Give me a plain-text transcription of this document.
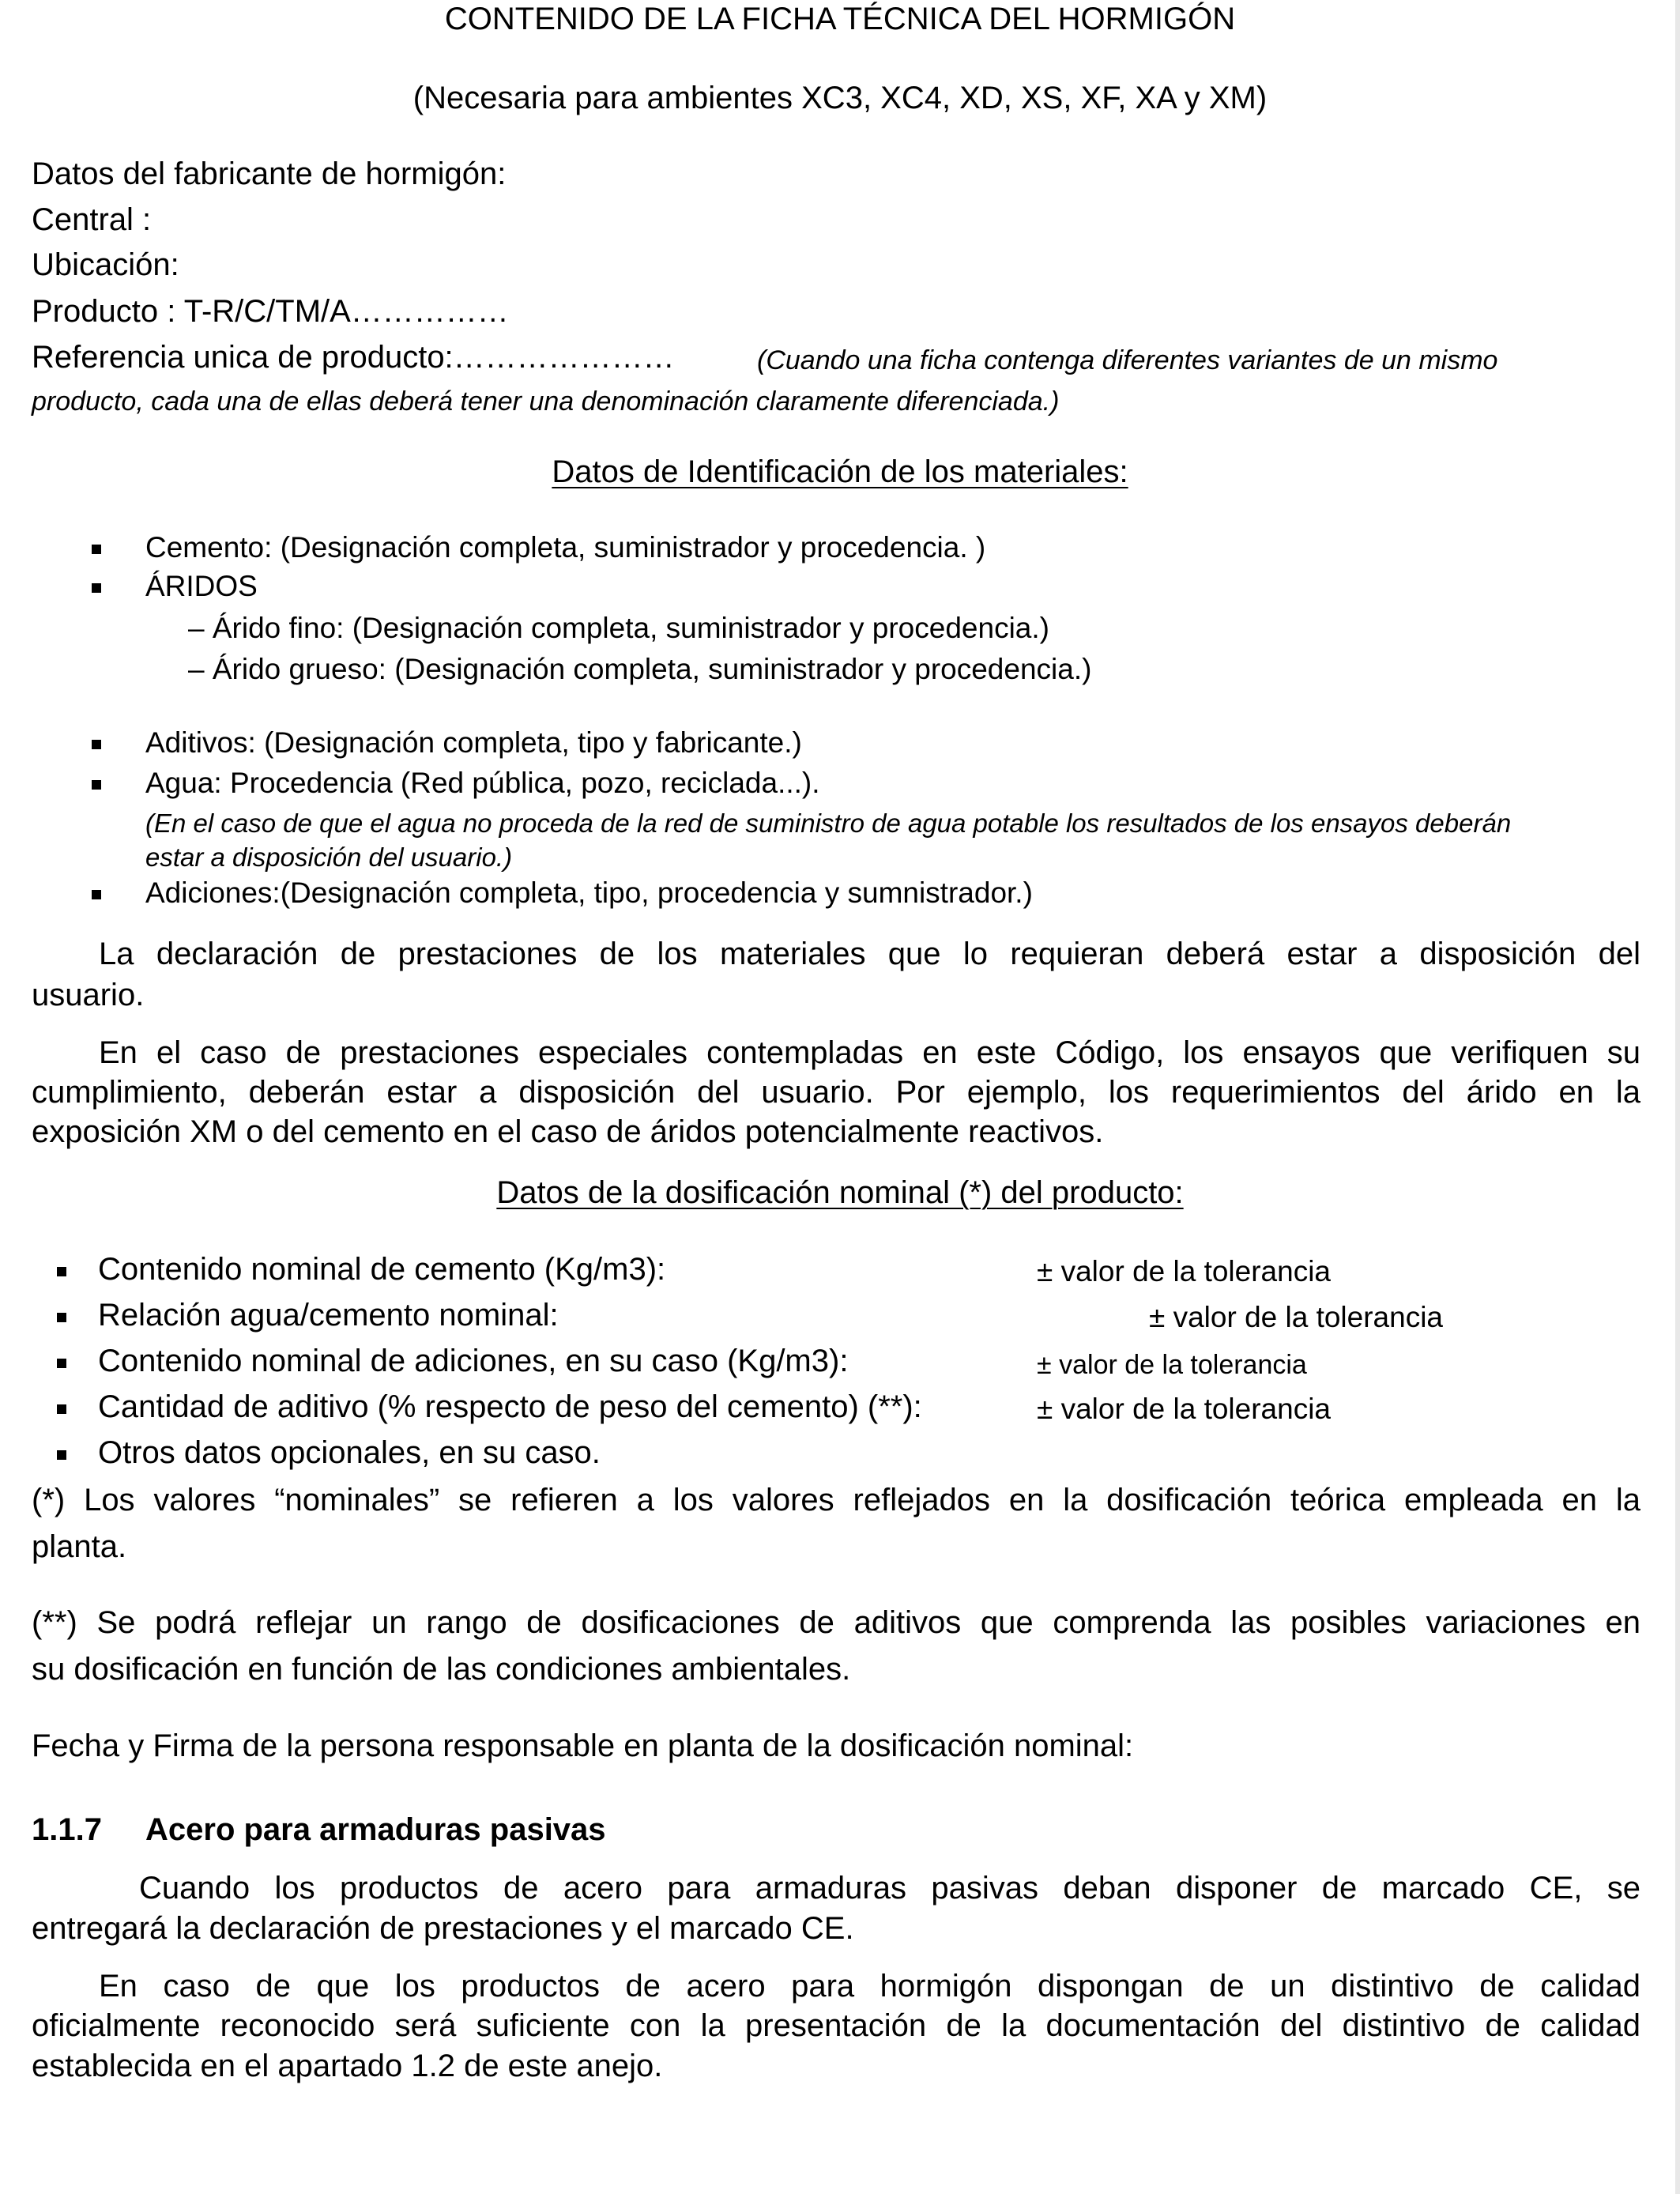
CONTENIDO DE LA FICHA TÉCNICA DEL HORMIGÓN
(Necesaria para ambientes XC3, XC4, XD, XS, XF, XA y XM)
Datos del fabricante de hormigón:
Central :
Ubicación:
Producto : T-R/C/TM/A……………
Referencia unica de producto:…………………	(Cuando una ficha contenga diferentes variantes de un mismo
producto, cada una de ellas deberá tener una denominación claramente diferenciada.)
Datos de Identificación de los materiales:
Cemento: (Designación completa, suministrador y procedencia. )
ÁRIDOS
– Árido fino: (Designación completa, suministrador y procedencia.)
– Árido grueso: (Designación completa, suministrador y procedencia.)
Aditivos: (Designación completa, tipo y fabricante.)
Agua: Procedencia (Red pública, pozo, reciclada...).
(En el caso de que el agua no proceda de la red de suministro de agua potable los resultados de los ensayos deberán
estar a disposición del usuario.)
Adiciones:(Designación completa, tipo, procedencia y sumnistrador.)
La declaración de prestaciones de los materiales que lo requieran deberá estar a disposición del
usuario.
En el caso de prestaciones especiales contempladas en este Código, los ensayos que verifiquen su
cumplimiento, deberán estar a disposición del usuario. Por ejemplo, los requerimientos del árido en la
exposición XM o del cemento en el caso de áridos potencialmente reactivos.
Datos de la dosificación nominal (*) del producto:
Contenido nominal de cemento (Kg/m3):	± valor de la tolerancia
Relación agua/cemento nominal:	± valor de la tolerancia
Contenido nominal de adiciones, en su caso (Kg/m3):	± valor de la tolerancia
Cantidad de aditivo (% respecto de peso del cemento) (**):	± valor de la tolerancia
Otros datos opcionales, en su caso.
(*) Los valores “nominales” se refieren a los valores reflejados en la dosificación teórica empleada en la
planta.
(**) Se podrá reflejar un rango de dosificaciones de aditivos que comprenda las posibles variaciones en
su dosificación en función de las condiciones ambientales.
Fecha y Firma de la persona responsable en planta de la dosificación nominal:
1.1.7 Acero para armaduras pasivas
Cuando los productos de acero para armaduras pasivas deban disponer de marcado CE, se
entregará la declaración de prestaciones y el marcado CE.
En caso de que los productos de acero para hormigón dispongan de un distintivo de calidad
oficialmente reconocido será suficiente con la presentación de la documentación del distintivo de calidad
establecida en el apartado 1.2 de este anejo.
